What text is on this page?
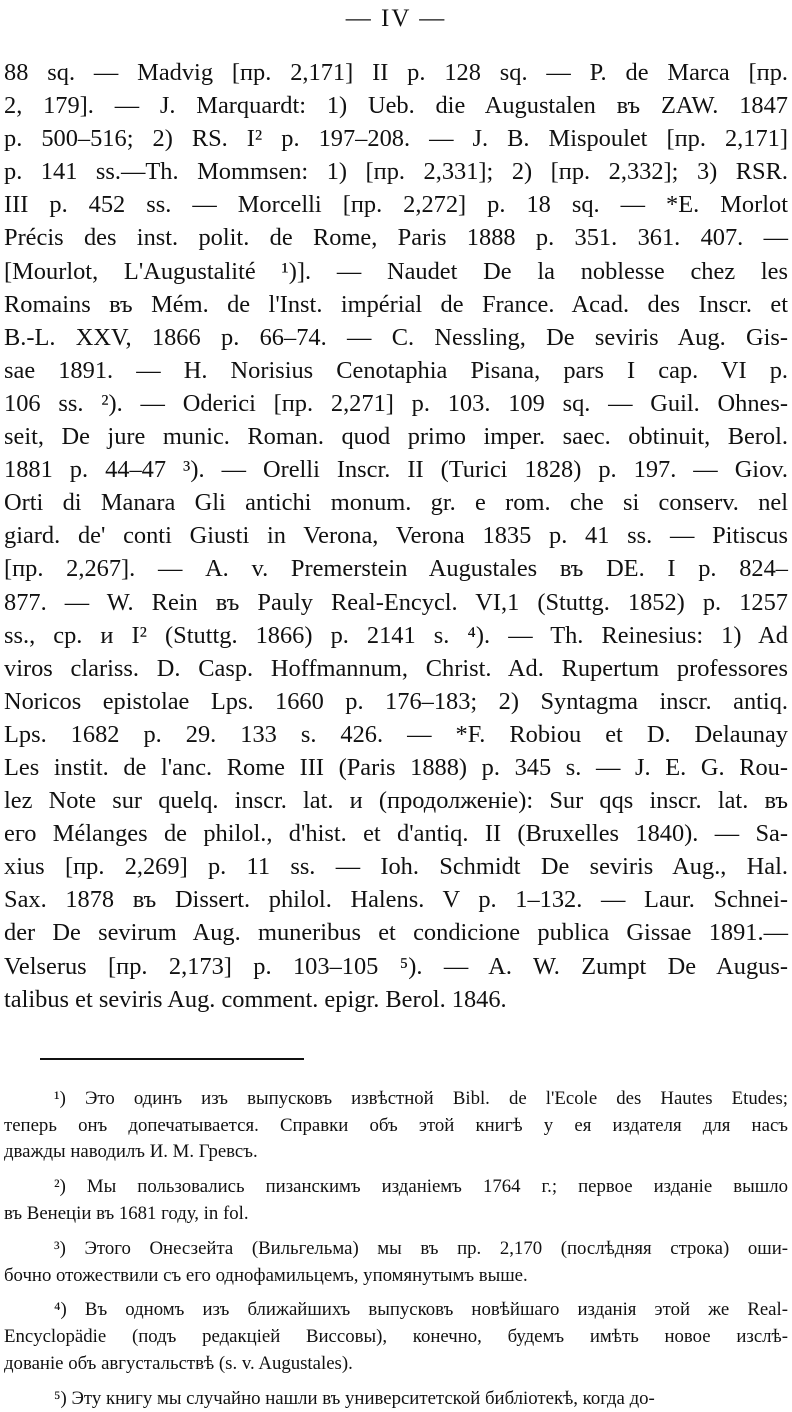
— IV —
88 sq. — Madvig [пр. 2,171] II p. 128 sq. — P. de Marca [пр.
2, 179]. — J. Marquardt: 1) Ueb. die Augustalen въ ZAW. 1847
p. 500–516; 2) RS. I² p. 197–208. — J. B. Mispoulet [пр. 2,171]
p. 141 ss.—Th. Mommsen: 1) [пр. 2,331]; 2) [пр. 2,332]; 3) RSR.
III p. 452 ss. — Morcelli [пр. 2,272] p. 18 sq. — *E. Morlot
Précis des inst. polit. de Rome, Paris 1888 p. 351. 361. 407. —
[Mourlot, L'Augustalité ¹)]. — Naudet De la noblesse chez les
Romains въ Mém. de l'Inst. impérial de France. Acad. des Inscr. et
B.-L. XXV, 1866 p. 66–74. — C. Nessling, De seviris Aug. Gis-
sae 1891. — H. Norisius Cenotaphia Pisana, pars I cap. VI p.
106 ss. ²). — Oderici [пр. 2,271] p. 103. 109 sq. — Guil. Ohnes-
seit, De jure munic. Roman. quod primo imper. saec. obtinuit, Berol.
1881 p. 44–47 ³). — Orelli Inscr. II (Turici 1828) p. 197. — Giov.
Orti di Manara Gli antichi monum. gr. e rom. che si conserv. nel
giard. de' conti Giusti in Verona, Verona 1835 p. 41 ss. — Pitiscus
[пр. 2,267]. — A. v. Premerstein Augustales въ DE. I p. 824–
877. — W. Rein въ Pauly Real-Encycl. VI,1 (Stuttg. 1852) p. 1257
ss., ср. и I² (Stuttg. 1866) p. 2141 s. ⁴). — Th. Reinesius: 1) Ad
viros clariss. D. Casp. Hoffmannum, Christ. Ad. Rupertum professores
Noricos epistolae Lps. 1660 p. 176–183; 2) Syntagma inscr. antiq.
Lps. 1682 p. 29. 133 s. 426. — *F. Robiou et D. Delaunay
Les instit. de l'anc. Rome III (Paris 1888) p. 345 s. — J. E. G. Rou-
lez Note sur quelq. inscr. lat. и (продолженіе): Sur qqs inscr. lat. въ
его Mélanges de philol., d'hist. et d'antiq. II (Bruxelles 1840). — Sa-
xius [пр. 2,269] p. 11 ss. — Ioh. Schmidt De seviris Aug., Hal.
Sax. 1878 въ Dissert. philol. Halens. V p. 1–132. — Laur. Schnei-
der De sevirum Aug. muneribus et condicione publica Gissae 1891.—
Velserus [пр. 2,173] p. 103–105 ⁵). — A. W. Zumpt De Augus-
talibus et seviris Aug. comment. epigr. Berol. 1846.
¹) Это одинъ изъ выпусковъ извѣстной Bibl. de l'Ecole des Hautes Etudes;
теперь онъ допечатывается. Справки объ этой книгѣ у ея издателя для насъ
дважды наводилъ И. М. Гревсъ.
²) Мы пользовались пизанскимъ изданіемъ 1764 г.; первое изданіе вышло
въ Венеціи въ 1681 году, in fol.
³) Этого Онесзейта (Вильгельма) мы въ пр. 2,170 (послѣдняя строка) оши-
бочно отожествили съ его однофамильцемъ, упомянутымъ выше.
⁴) Въ одномъ изъ ближайшихъ выпусковъ новѣйшаго изданія этой же Real-
Encyclopädie (подъ редакціей Виссовы), конечно, будемъ имѣть новое изслѣ-
дованіе объ августальствѣ (s. v. Augustales).
⁵) Эту книгу мы случайно нашли въ университетской библіотекѣ, когда до-
